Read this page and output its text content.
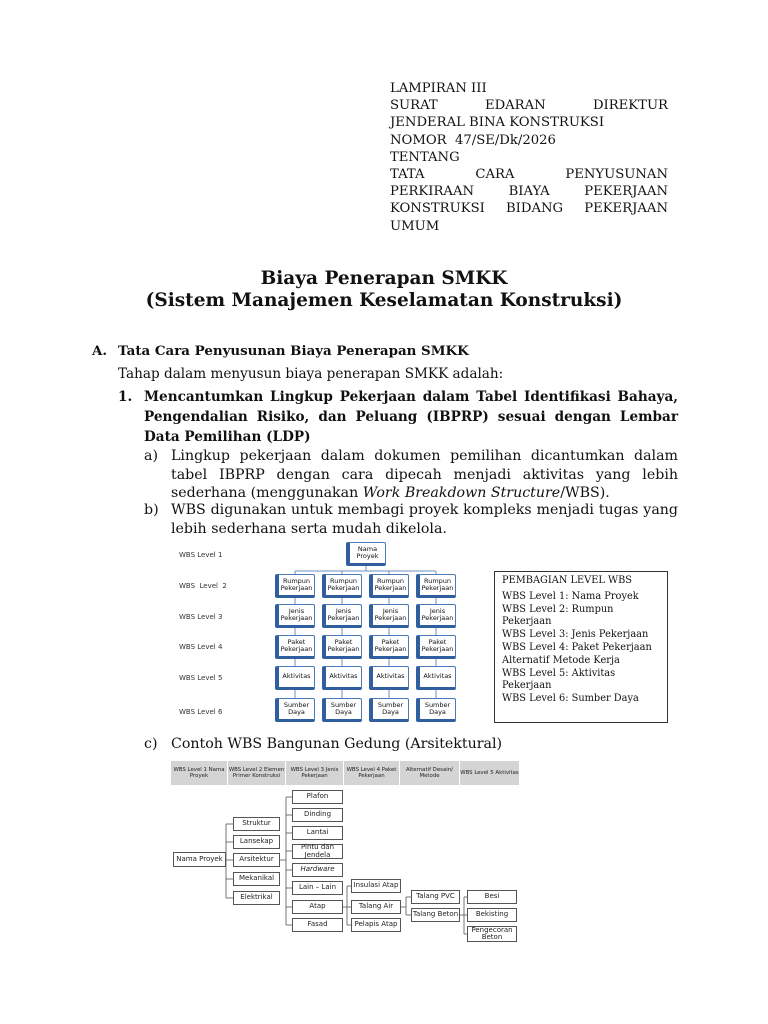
LAMPIRAN III
SURAT EDARAN DIREKTUR
JENDERAL BINA KONSTRUKSI
NOMOR  47/SE/Dk/2026
TENTANG
TATA CARA PENYUSUNAN
PERKIRAAN BIAYA PEKERJAAN
KONSTRUKSI BIDANG PEKERJAAN
UMUM
Biaya Penerapan SMKK
(Sistem Manajemen Keselamatan Konstruksi)
A. Tata Cara Penyusunan Biaya Penerapan SMKK
Tahap dalam menyusun biaya penerapan SMKK adalah:
1. Mencantumkan Lingkup Pekerjaan dalam Tabel Identifikasi Bahaya, Pengendalian Risiko, dan Peluang (IBPRP) sesuai dengan Lembar Data Pemilihan (LDP)
a) Lingkup pekerjaan dalam dokumen pemilihan dicantumkan dalam tabel IBPRP dengan cara dipecah menjadi aktivitas yang lebih sederhana (menggunakan Work Breakdown Structure/WBS).
b) WBS digunakan untuk membagi proyek kompleks menjadi tugas yang lebih sederhana serta mudah dikelola.
WBS Level 1
WBS  Level  2
WBS Level 3
WBS Level 4
WBS Level 5
WBS Level 6
Nama Proyek
Rumpun Pekerjaan
Rumpun Pekerjaan
Rumpun Pekerjaan
Rumpun Pekerjaan
Jenis Pekerjaan
Jenis Pekerjaan
Jenis Pekerjaan
Jenis Pekerjaan
Paket Pekerjaan
Paket Pekerjaan
Paket Pekerjaan
Paket Pekerjaan
Aktivitas	Aktivitas	Aktivitas	Aktivitas
Sumber Daya
Sumber Daya
Sumber Daya
Sumber Daya
PEMBAGIAN LEVEL WBS
WBS Level 1: Nama Proyek
WBS Level 2: Rumpun Pekerjaan
WBS Level 3: Jenis Pekerjaan
WBS Level 4: Paket Pekerjaan
Alternatif Metode Kerja
WBS Level 5: Aktivitas Pekerjaan
WBS Level 6: Sumber Daya
c) Contoh WBS Bangunan Gedung (Arsitektural)
WBS Level 1 Nama Proyek
WBS Level 2 Elemen Primer Konstruksi
WBS Level 3 Jenis Pekerjaan
WBS Level 4 Paket Pekerjaan
Alternatif Desain/ Metode
WBS Level 5 Aktivitas
Nama Proyek
Struktur
Lansekap
Arsitektur
Mekanikal
Elektrikal
Plafon
Dinding
Lantai
Pintu dan Jendela
Hardware
Lain – Lain
Atap
Fasad
Insulasi Atap
Talang Air
Pelapis Atap
Talang PVC
Talang Beton
Besi
Bekisting
Pengecoran Beton
